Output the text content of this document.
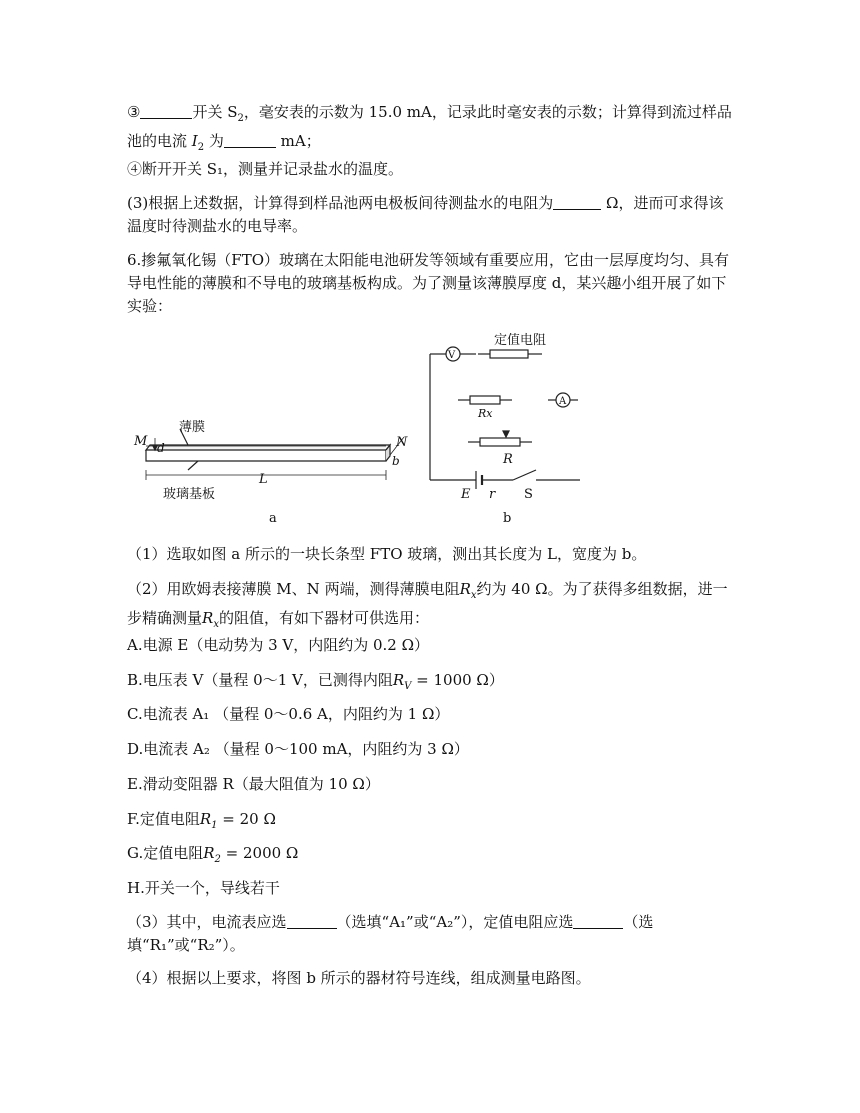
③	开关 $S_2$，毫安表的示数为 15.0 mA，记录此时毫安表的示数；计算得到流过样品池的电流 $I_2$ 为	mA；

④断开开关 S₁，测量并记录盐水的温度。

(3)根据上述数据，计算得到样品池两电极板间待测盐水的电阻为	Ω，进而可求得该温度时待测盐水的电导率。

6.掺氟氧化锡（FTO）玻璃在太阳能电池研发等领域有重要应用，它由一层厚度均匀、具有导电性能的薄膜和不导电的玻璃基板构成。为了测量该薄膜厚度 d，某兴趣小组开展了如下实验：

M d
薄膜
N
b
L
玻璃基板
a
V
定值电阻
Rx
A
R
E r S
b

（1）选取如图 a 所示的一块长条型 FTO 玻璃，测出其长度为 L，宽度为 b。

（2）用欧姆表接薄膜 M、N 两端，测得薄膜电阻$R_x$约为 40 Ω。为了获得多组数据，进一步精确测量$R_x$的阻值，有如下器材可供选用：

A.电源 E（电动势为 3 V，内阻约为 0.2 Ω）

B.电压表 V（量程 0～1 V，已测得内阻$R_V = 1000$ Ω）

C.电流表 A₁ （量程 0～0.6 A，内阻约为 1 Ω）

D.电流表 A₂ （量程 0～100 mA，内阻约为 3 Ω）

E.滑动变阻器 R（最大阻值为 10 Ω）

F.定值电阻$R_1 = 20$ Ω

G.定值电阻$R_2 = 2000$ Ω

H.开关一个，导线若干

（3）其中，电流表应选	（选填“A₁”或“A₂”），定值电阻应选	（选填“R₁”或“R₂”）。

（4）根据以上要求，将图 b 所示的器材符号连线，组成测量电路图。
